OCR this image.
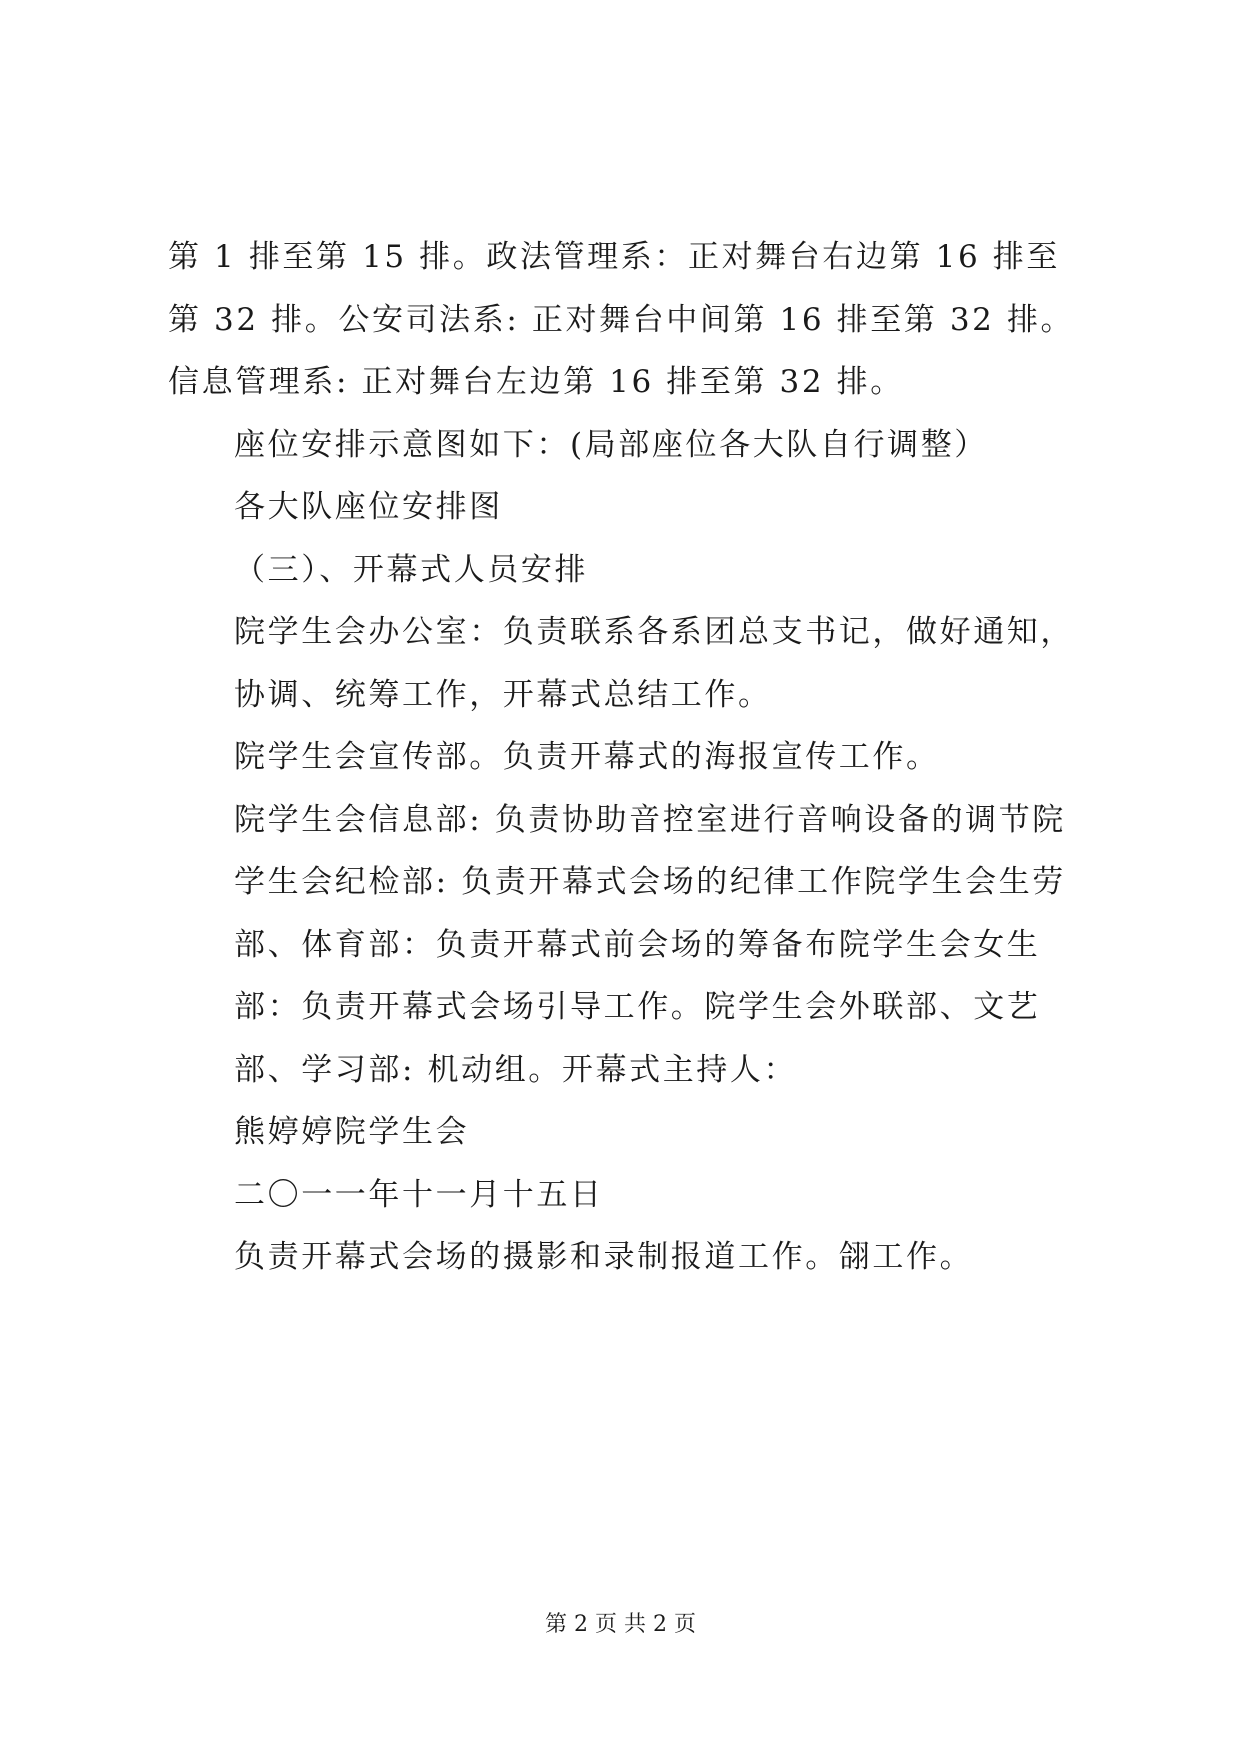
第 1 排至第 15 排。政法管理系：正对舞台右边第 16 排至第 32 排。公安司法系: 正对舞台中间第 16 排至第 32 排。信息管理系: 正对舞台左边第 16 排至第 32 排。

座位安排示意图如下：(局部座位各大队自行调整）

各大队座位安排图

（三）、开幕式人员安排

院学生会办公室：负责联系各系团总支书记，做好通知，

协调、统筹工作，开幕式总结工作。

院学生会宣传部。负责开幕式的海报宣传工作。

院学生会信息部: 负责协助音控室进行音响设备的调节院学生会纪检部: 负责开幕式会场的纪律工作院学生会生劳部、体育部：负责开幕式前会场的筹备布院学生会女生部：负责开幕式会场引导工作。院学生会外联部、文艺部、学习部: 机动组。开幕式主持人：

熊婷婷院学生会

二〇一一年十一月十五日

负责开幕式会场的摄影和录制报道工作。翖工作。

第 2 页 共 2 页
